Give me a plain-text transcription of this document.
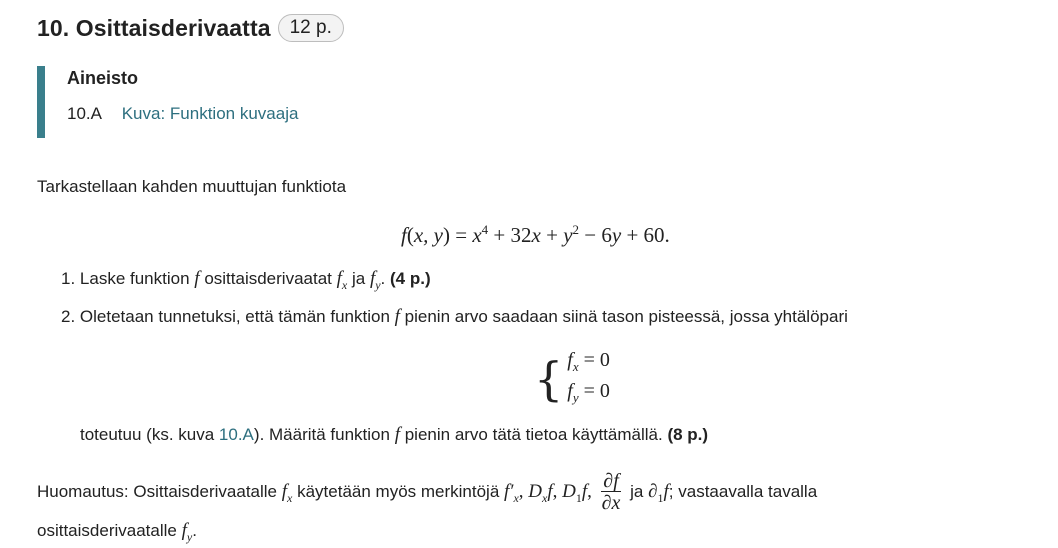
10. Osittaisderivaatta	12 p.
Aineisto
10.A Kuva: Funktion kuvaaja
Tarkastellaan kahden muuttujan funktiota
f(x, $y) = x^4 + 32x + y^2 - 6y + 60$.
1. Laske funktion f osittaisderivaatat $f_x$ ja $f_y$. (4 p.)
2. Oletetaan tunnetuksi, että tämän funktion f pienin arvo saadaan siinä tason pisteessä, jossa yhtälöpari
{ $f_x = 0$
$f_y = 0$
toteutuu (ks. kuva 10.A). Määritä funktion f pienin arvo tätä tietoa käyttämällä. (8 p.)
Huomautus: Osittaisderivaatalle $f_x$ käytetään myös merkintöjä $f'_x$, $D_xf$, $D_1f$, $\frac{\partial f}{\partial x}$ ja $\partial_1f$; vastaavalla tavalla
osittaisderivaatalle $f_y$.
